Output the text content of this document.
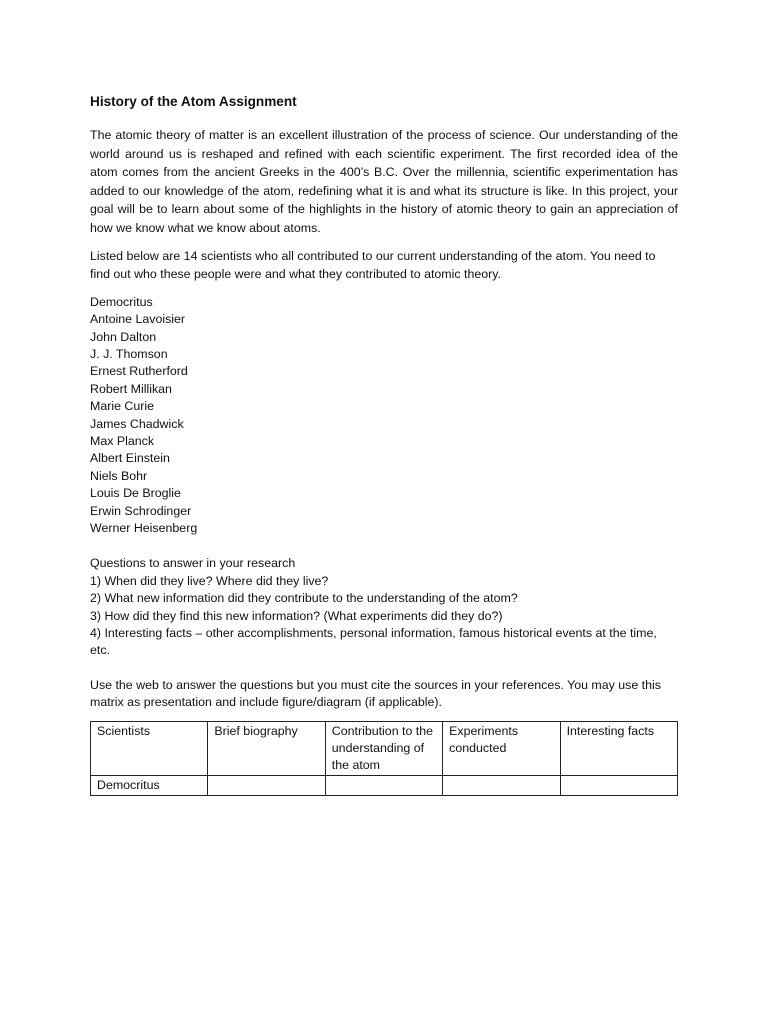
History of the Atom Assignment

The atomic theory of matter is an excellent illustration of the process of science. Our understanding of the world around us is reshaped and refined with each scientific experiment. The first recorded idea of the atom comes from the ancient Greeks in the 400’s B.C. Over the millennia, scientific experimentation has added to our knowledge of the atom, redefining what it is and what its structure is like. In this project, your goal will be to learn about some of the highlights in the history of atomic theory to gain an appreciation of how we know what we know about atoms.

Listed below are 14 scientists who all contributed to our current understanding of the atom. You need to find out who these people were and what they contributed to atomic theory.

Democritus
Antoine Lavoisier
John Dalton
J. J. Thomson
Ernest Rutherford
Robert Millikan
Marie Curie
James Chadwick
Max Planck
Albert Einstein
Niels Bohr
Louis De Broglie
Erwin Schrodinger
Werner Heisenberg
Questions to answer in your research
1) When did they live? Where did they live?
2) What new information did they contribute to the understanding of the atom?
3) How did they find this new information? (What experiments did they do?)
4) Interesting facts – other accomplishments, personal information, famous historical events at the time, etc.
Use the web to answer the questions but you must cite the sources in your references. You may use this matrix as presentation and include figure/diagram (if applicable).
Scientists	Brief biography	Contribution to the understanding of the atom	Experiments conducted	Interesting facts
Democritus				
